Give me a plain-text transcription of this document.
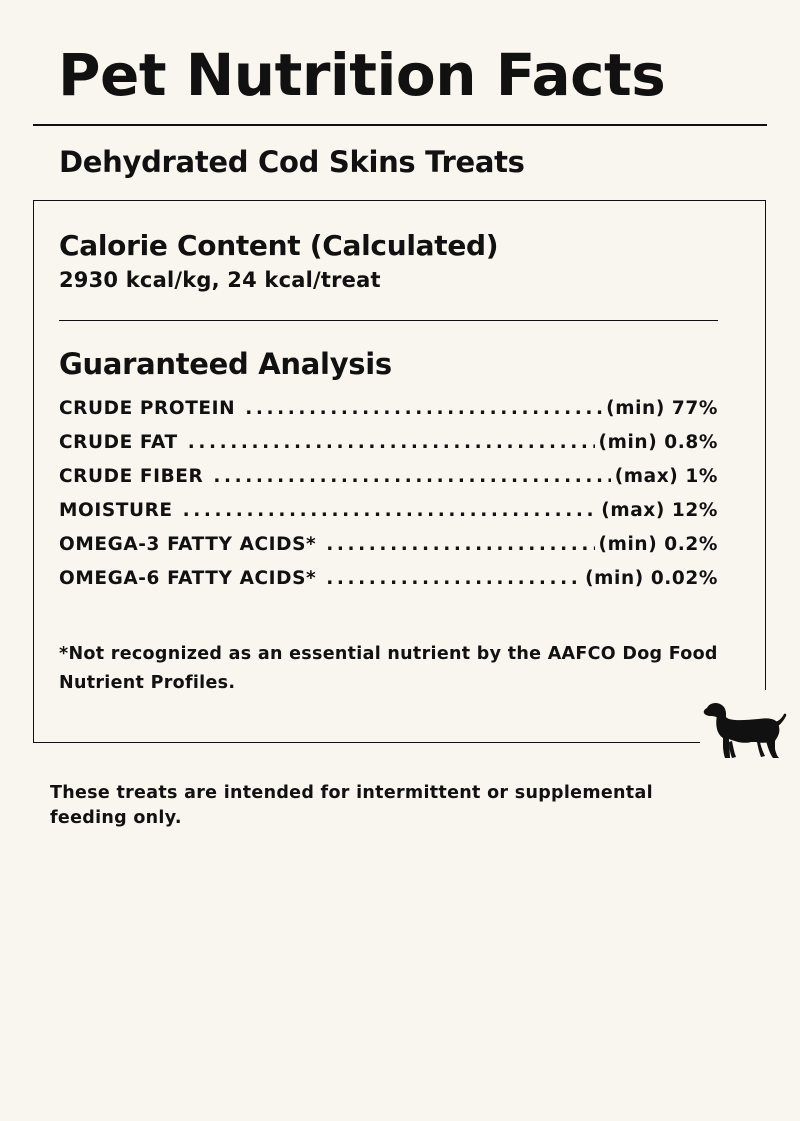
Pet Nutrition Facts
Dehydrated Cod Skins Treats
Calorie Content (Calculated)

2930 kcal/kg, 24 kcal/treat

Guaranteed Analysis
CRUDE PROTEIN .....	(min) 77%
CRUDE FAT .....	(min) 0.8%
CRUDE FIBER .....	(max) 1%
MOISTURE .....	(max) 12%
OMEGA-3 FATTY ACIDS* .....	(min) 0.2%
OMEGA-6 FATTY ACIDS* .....	(min) 0.02%

*Not recognized as an essential nutrient by the AAFCO Dog Food Nutrient Profiles.

These treats are intended for intermittent or supplemental feeding only.
